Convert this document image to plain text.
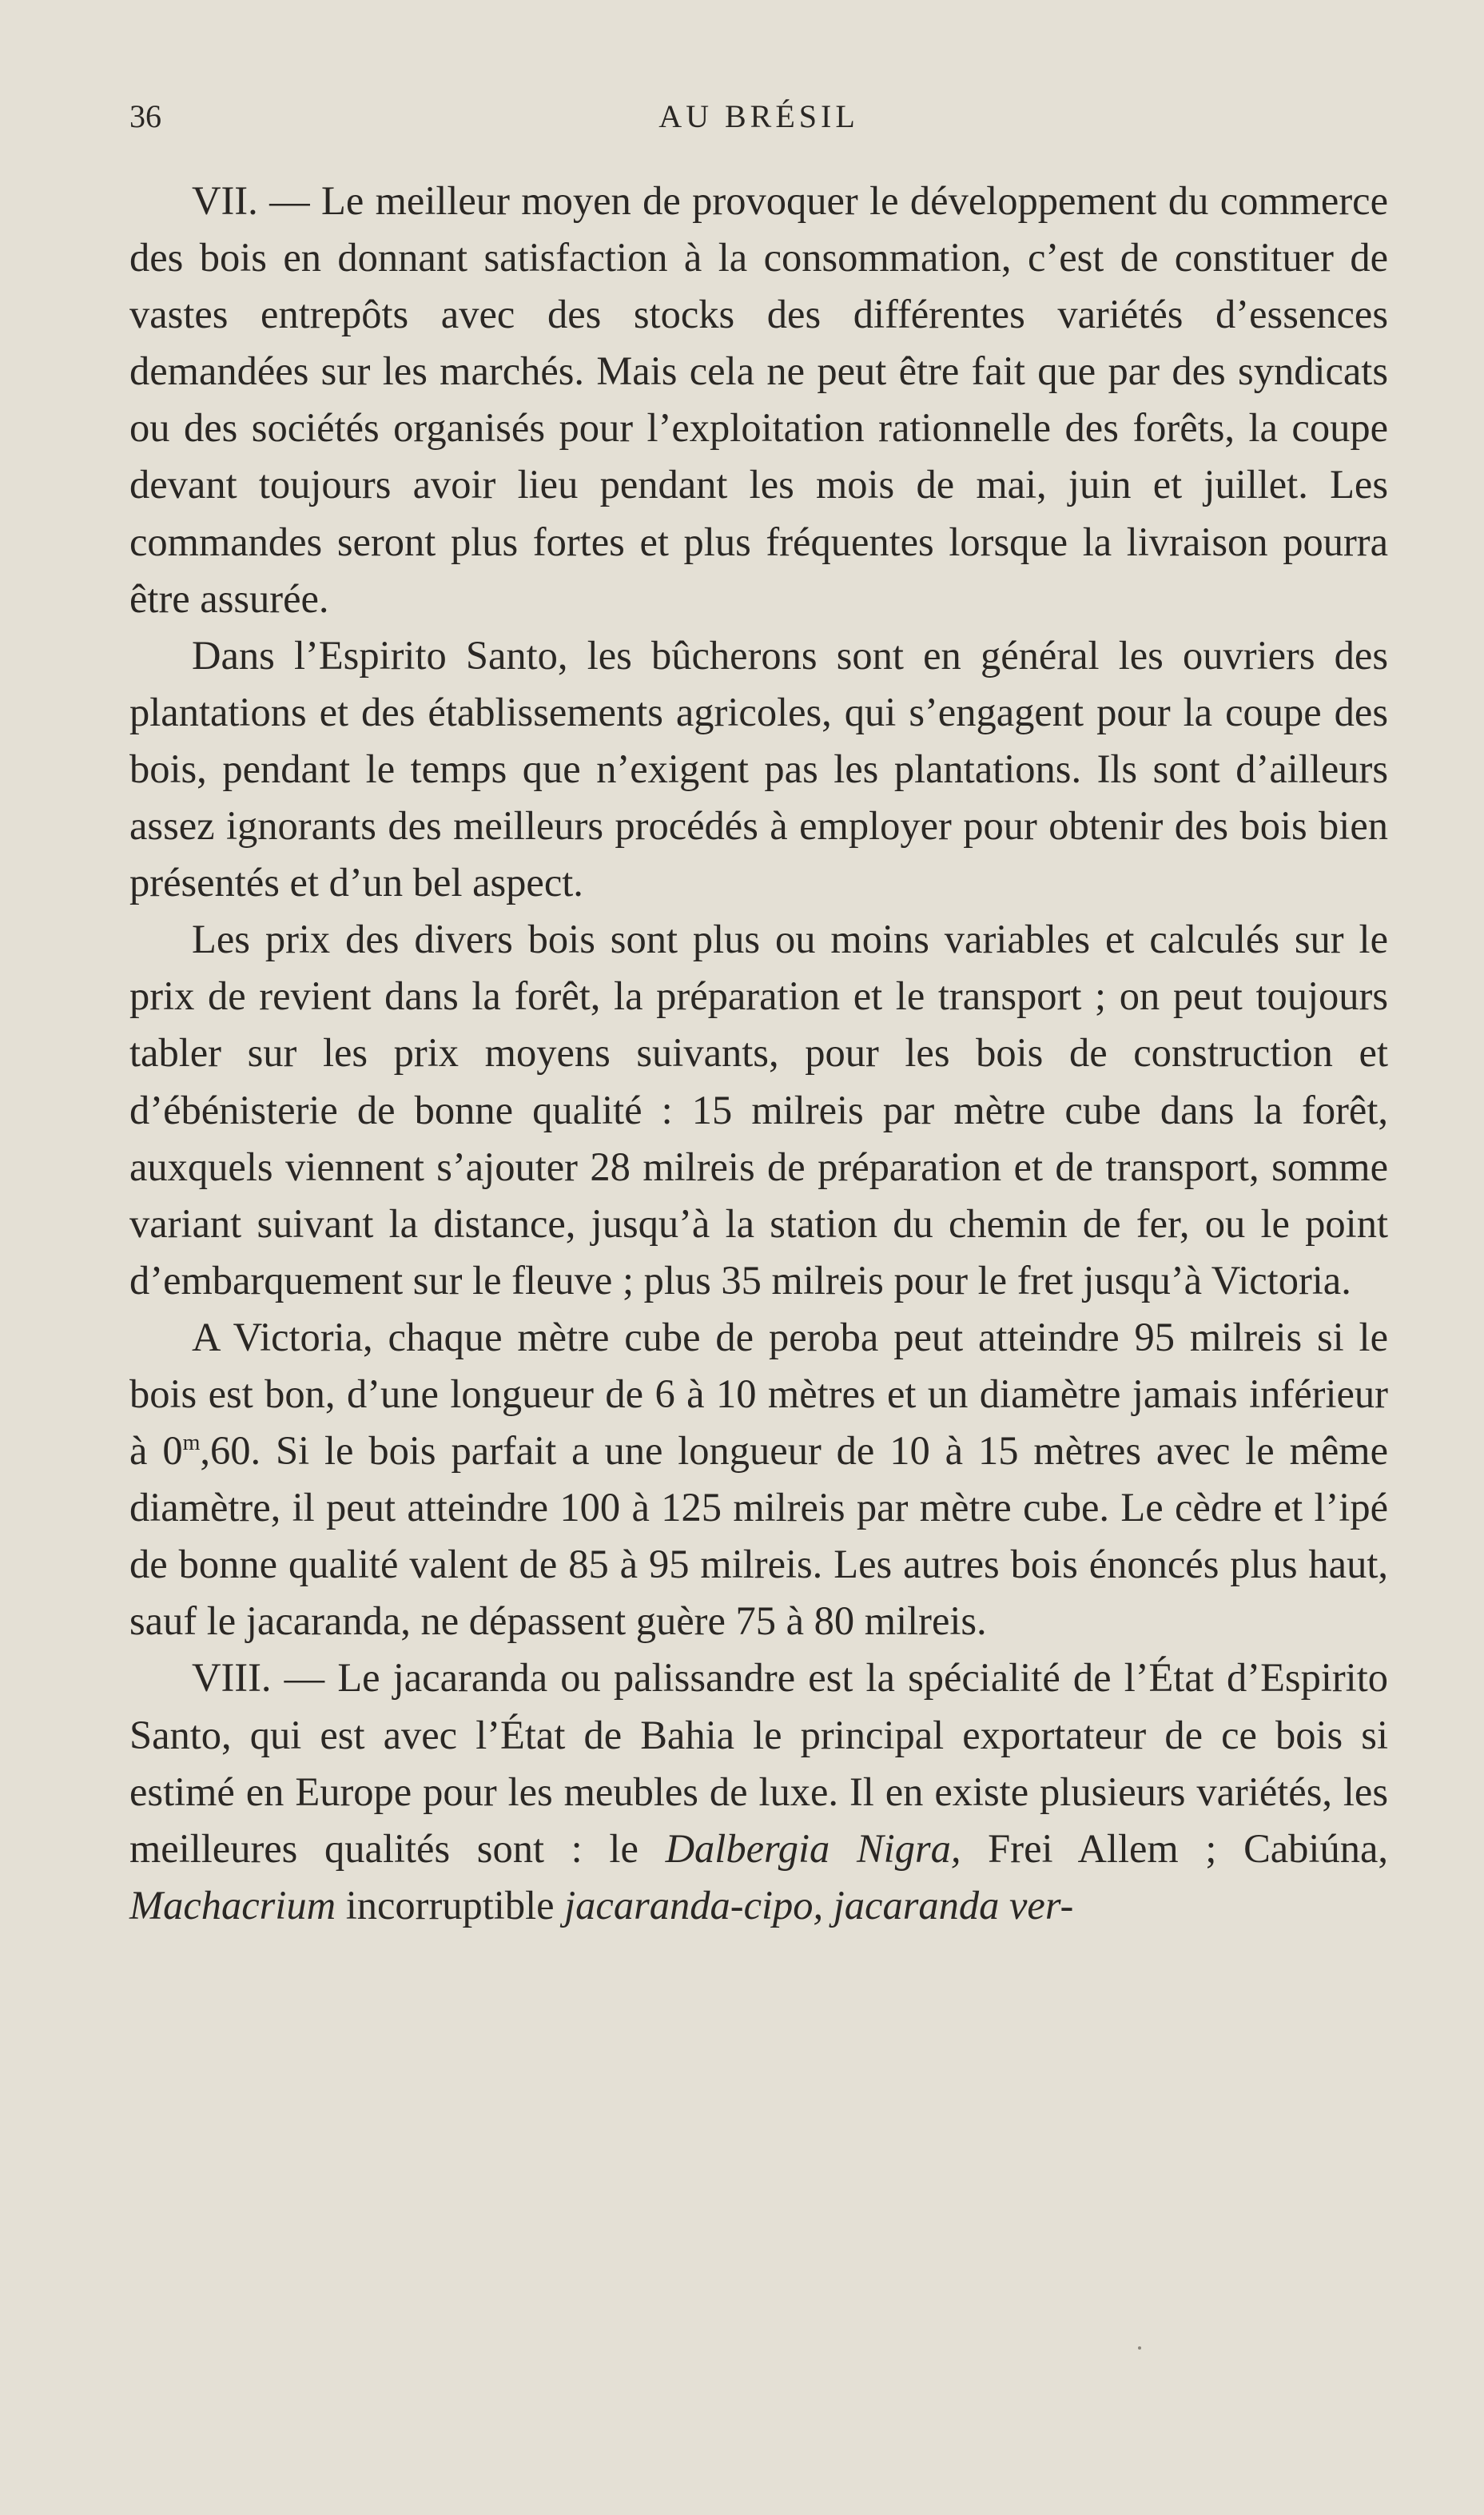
36	AU BRÉSIL

VII. — Le meilleur moyen de provoquer le développement du commerce des bois en donnant satisfaction à la consommation, c’est de constituer de vastes entrepôts avec des stocks des différentes variétés d’essences demandées sur les marchés. Mais cela ne peut être fait que par des syndicats ou des sociétés organisés pour l’exploitation rationnelle des forêts, la coupe devant toujours avoir lieu pendant les mois de mai, juin et juillet. Les commandes seront plus fortes et plus fréquentes lorsque la livraison pourra être assurée.

Dans l’Espirito Santo, les bûcherons sont en général les ouvriers des plantations et des établissements agricoles, qui s’engagent pour la coupe des bois, pendant le temps que n’exigent pas les plantations. Ils sont d’ailleurs assez ignorants des meilleurs procédés à employer pour obtenir des bois bien présentés et d’un bel aspect.

Les prix des divers bois sont plus ou moins variables et calculés sur le prix de revient dans la forêt, la préparation et le transport ; on peut toujours tabler sur les prix moyens suivants, pour les bois de construction et d’ébénisterie de bonne qualité : 15 milreis par mètre cube dans la forêt, auxquels viennent s’ajouter 28 milreis de préparation et de transport, somme variant suivant la distance, jusqu’à la station du chemin de fer, ou le point d’embarquement sur le fleuve ; plus 35 milreis pour le fret jusqu’à Victoria.

A Victoria, chaque mètre cube de peroba peut atteindre 95 milreis si le bois est bon, d’une longueur de 6 à 10 mètres et un diamètre jamais inférieur à 0$^m$,60. Si le bois parfait a une longueur de 10 à 15 mètres avec le même diamètre, il peut atteindre 100 à 125 milreis par mètre cube. Le cèdre et l’ipé de bonne qualité valent de 85 à 95 milreis. Les autres bois énoncés plus haut, sauf le jacaranda, ne dépassent guère 75 à 80 milreis.

VIII. — Le jacaranda ou palissandre est la spécialité de l’État d’Espirito Santo, qui est avec l’État de Bahia le principal exportateur de ce bois si estimé en Europe pour les meubles de luxe. Il en existe plusieurs variétés, les meilleures qualités sont : le Dalbergia Nigra, Frei Allem ; Cabiúna, Machacrium incorruptible jacaranda-cipo, jacaranda ver-
